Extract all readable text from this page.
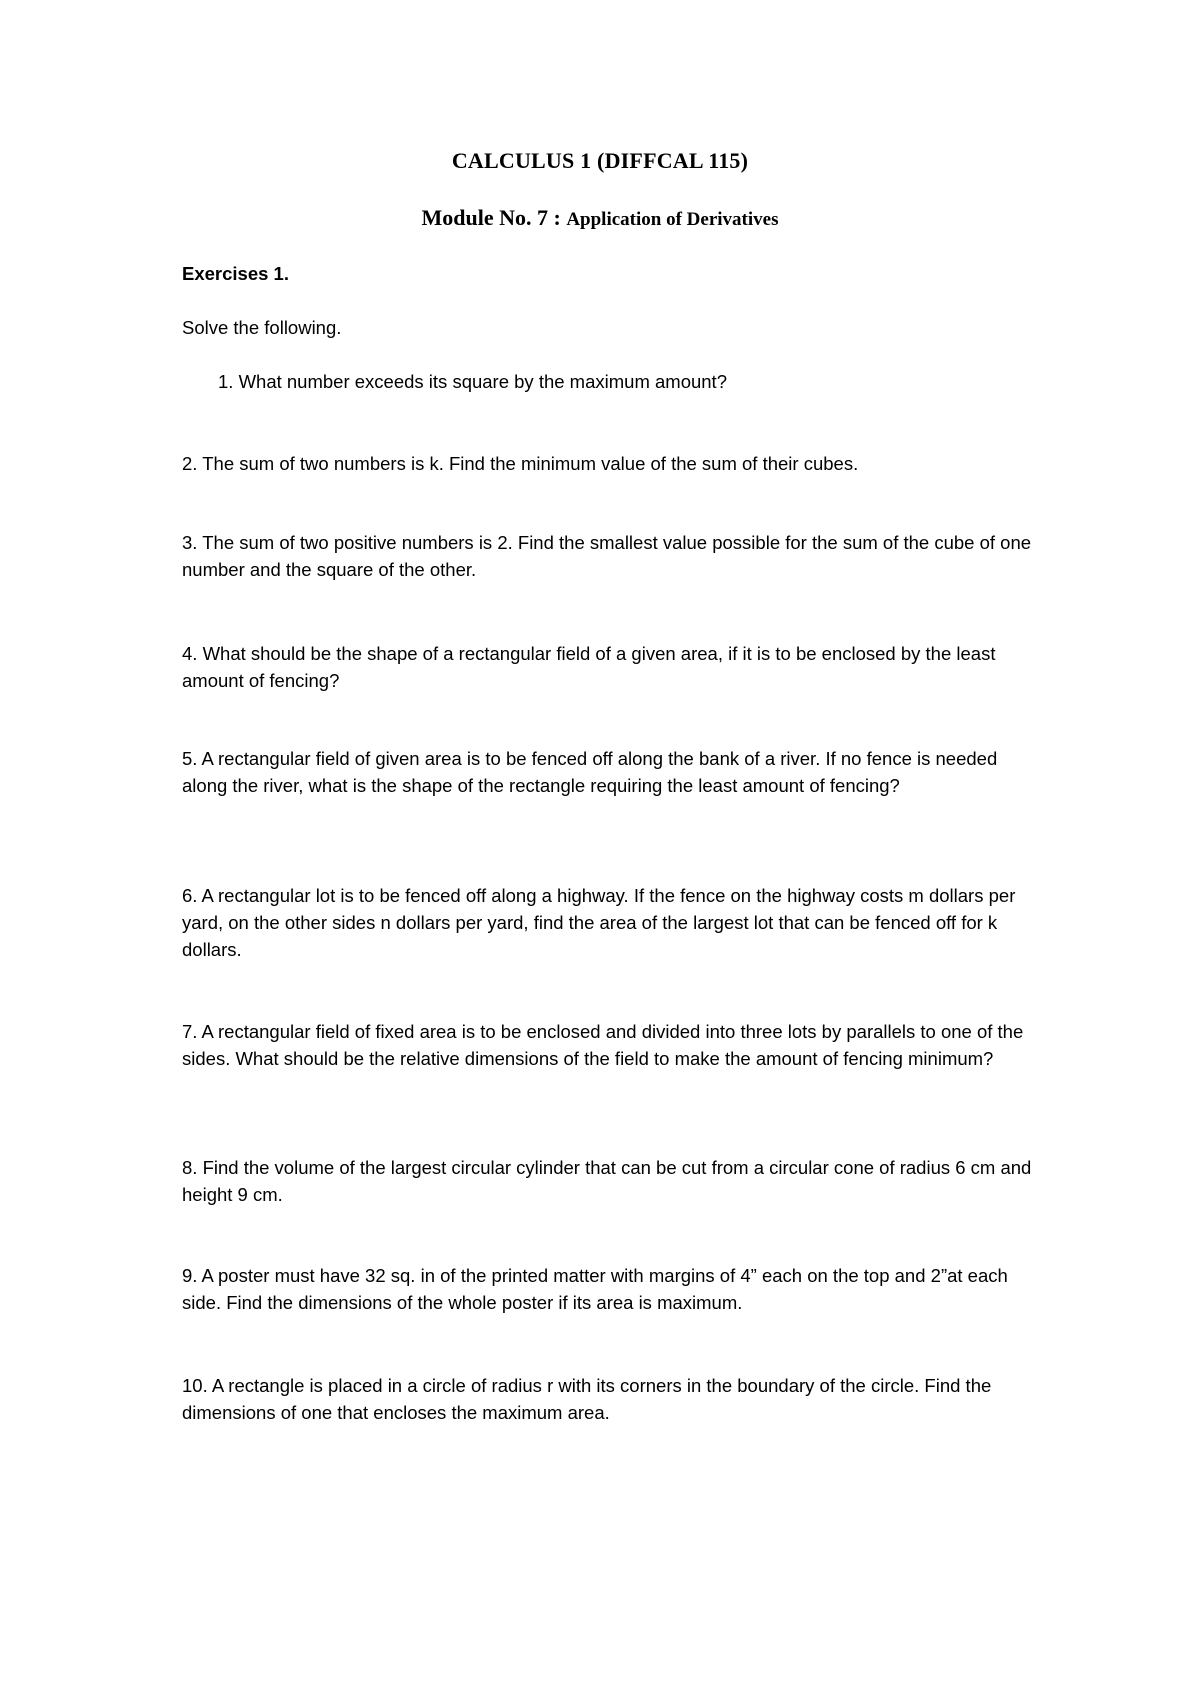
CALCULUS 1 (DIFFCAL 115)
Module No. 7 : Application of Derivatives
Exercises 1.
Solve the following.
1. What number exceeds its square by the maximum amount?
2. The sum of two numbers is k. Find the minimum value of the sum of their cubes.
3. The sum of two positive numbers is 2. Find the smallest value possible for the sum of the cube of one number and the square of the other.
4. What should be the shape of a rectangular field of a given area, if it is to be enclosed by the least amount of fencing?
5. A rectangular field of given area is to be fenced off along the bank of a river. If no fence is needed along the river, what is the shape of the rectangle requiring the least amount of fencing?
6. A rectangular lot is to be fenced off along a highway. If the fence on the highway costs m dollars per yard, on the other sides n dollars per yard, find the area of the largest lot that can be fenced off for k dollars.
7. A rectangular field of fixed area is to be enclosed and divided into three lots by parallels to one of the sides. What should be the relative dimensions of the field to make the amount of fencing minimum?
8. Find the volume of the largest circular cylinder that can be cut from a circular cone of radius 6 cm and height 9 cm.
9. A poster must have 32 sq. in of the printed matter with margins of 4” each on the top and 2”at each side. Find the dimensions of the whole poster if its area is maximum.
10. A rectangle is placed in a circle of radius r with its corners in the boundary of the circle. Find the dimensions of one that encloses the maximum area.
